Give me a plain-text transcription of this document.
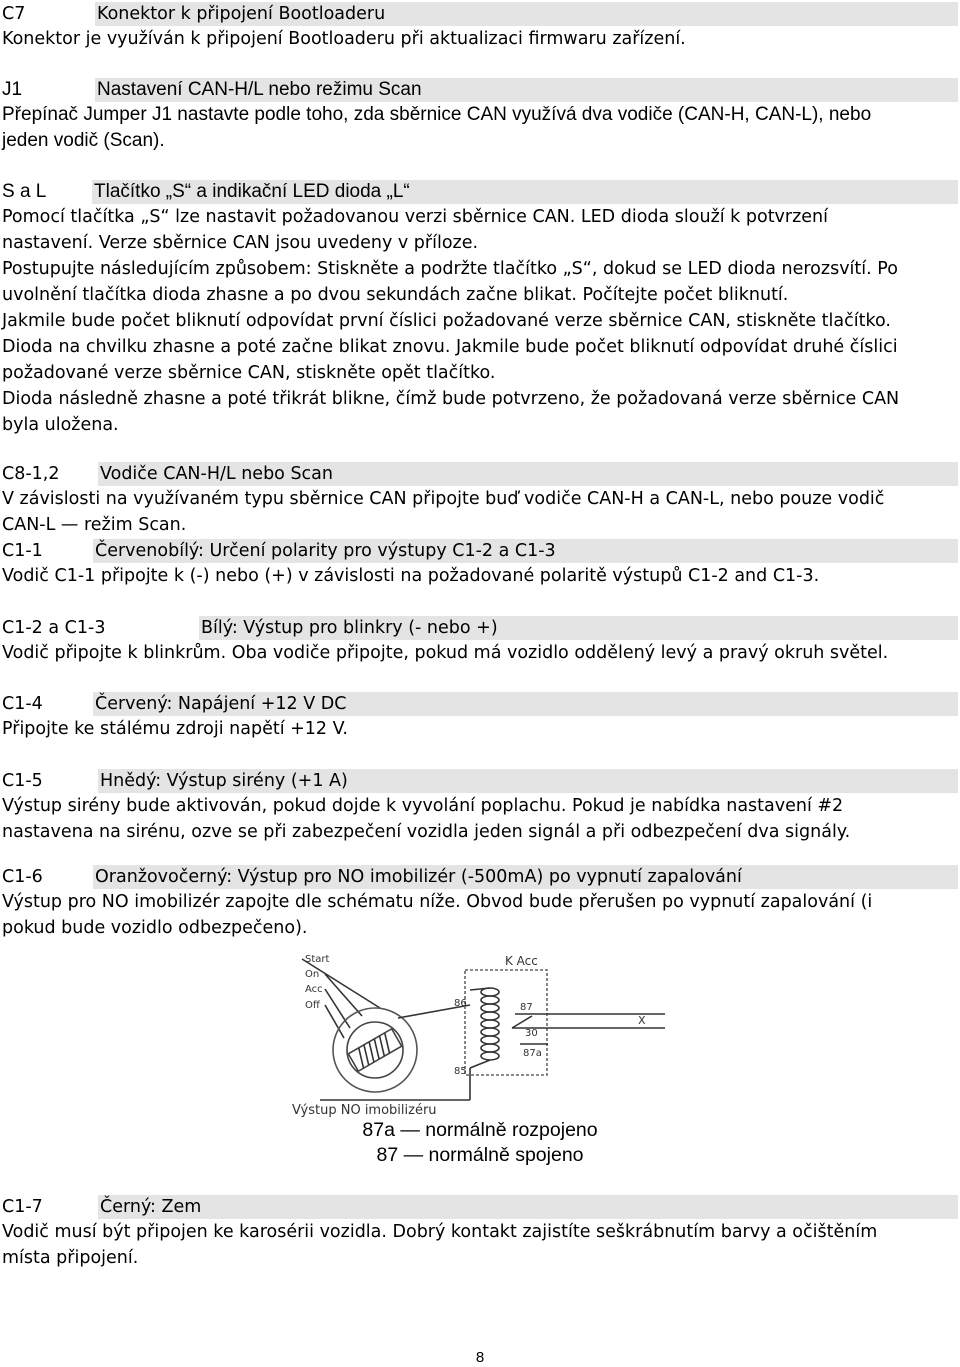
C7	Konektor k připojení Bootloaderu

Konektor je využíván k připojení Bootloaderu při aktualizaci firmwaru zařízení.

J1	Nastavení CAN-H/L nebo režimu Scan

Přepínač Jumper J1 nastavte podle toho, zda sběrnice CAN využívá dva vodiče (CAN-H, CAN-L), nebo

jeden vodič (Scan).

S a L	Tlačítko „S“ a indikační LED dioda „L“

Pomocí tlačítka „S“ lze nastavit požadovanou verzi sběrnice CAN. LED dioda slouží k potvrzení

nastavení. Verze sběrnice CAN jsou uvedeny v příloze.

Postupujte následujícím způsobem: Stiskněte a podržte tlačítko „S“, dokud se LED dioda nerozsvítí. Po

uvolnění tlačítka dioda zhasne a po dvou sekundách začne blikat. Počítejte počet bliknutí.

Jakmile bude počet bliknutí odpovídat první číslici požadované verze sběrnice CAN, stiskněte tlačítko.

Dioda na chvilku zhasne a poté začne blikat znovu. Jakmile bude počet bliknutí odpovídat druhé číslici

požadované verze sběrnice CAN, stiskněte opět tlačítko.

Dioda následně zhasne a poté třikrát blikne, čímž bude potvrzeno, že požadovaná verze sběrnice CAN

byla uložena.

C8-1,2	Vodiče CAN-H/L nebo Scan

V závislosti na využívaném typu sběrnice CAN připojte buď vodiče CAN-H a CAN-L, nebo pouze vodič

CAN-L — režim Scan.

C1-1	Červenobílý: Určení polarity pro výstupy C1-2 a C1-3

Vodič C1-1 připojte k (-) nebo (+) v závislosti na požadované polaritě výstupů C1-2 and C1-3.

C1-2 a C1-3	Bílý: Výstup pro blinkry (- nebo +)

Vodič připojte k blinkrům. Oba vodiče připojte, pokud má vozidlo oddělený levý a pravý okruh světel.

C1-4	Červený: Napájení +12 V DC

Připojte ke stálému zdroji napětí +12 V.

C1-5	Hnědý: Výstup sirény (+1 A)

Výstup sirény bude aktivován, pokud dojde k vyvolání poplachu. Pokud je nabídka nastavení #2

nastavena na sirénu, ozve se při zabezpečení vozidla jeden signál a při odbezpečení dva signály.

C1-6	Oranžovočerný: Výstup pro NO imobilizér (-500mA) po vypnutí zapalování

Výstup pro NO imobilizér zapojte dle schématu níže. Obvod bude přerušen po vypnutí zapalování (i

pokud bude vozidlo odbezpečeno).

Start
On
Acc
Off
K Acc
86	87
30
85
87a
X
Výstup NO imobilizéru
87a — normálně rozpojeno
87 — normálně spojeno
C1-7	Černý: Zem

Vodič musí být připojen ke karosérii vozidla. Dobrý kontakt zajistíte seškrábnutím barvy a očištěním

místa připojení.

8
